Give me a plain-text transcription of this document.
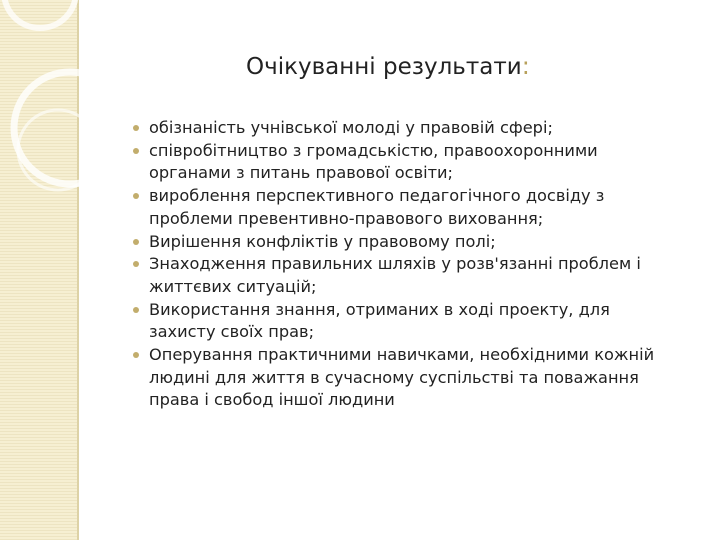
Очікуванні результати:
обізнаність учнівської молоді у правовій сфері;
співробітництво з громадськістю, правоохоронними органами з питань правової освіти;
вироблення перспективного педагогічного досвіду з проблеми превентивно-правового виховання;
Вирішення конфліктів у правовому полі;
Знаходження правильних шляхів у розв'язанні проблем і життєвих ситуацій;
Використання знання, отриманих в ході проекту, для захисту своїх прав;
Оперування практичними навичками, необхідними кожній людині для життя в сучасному суспільстві та поважання права і свобод іншої людини
